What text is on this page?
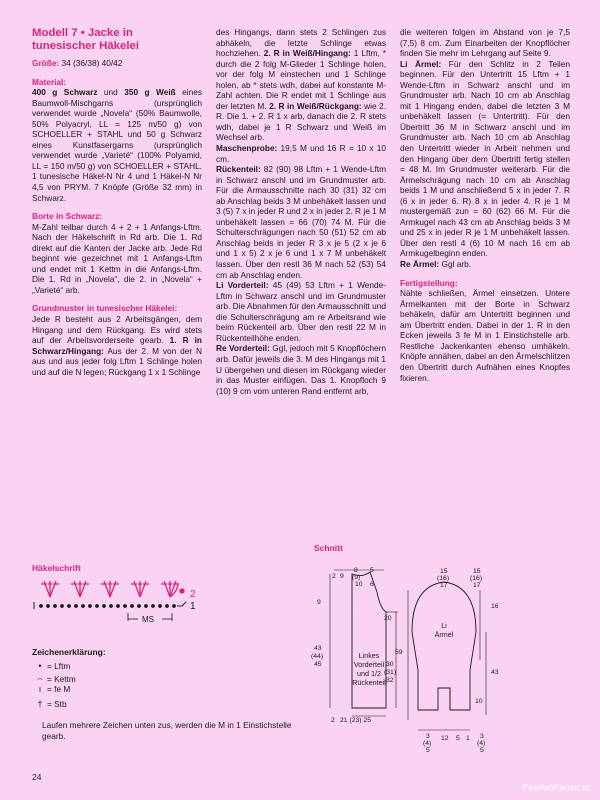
Modell 7 • Jacke in
tunesischer Häkelei

Größe: 34 (36/38) 40/42

Material:

400 g Schwarz und 350 g Weiß eines Baumwoll-Mischgarns (ursprünglich verwendet wurde „Novela“ (50% Baumwolle, 50% Polyacryl, LL = 125 m/50 g) von SCHOELLER + STAHL und 50 g Schwarz eines Kunstfasergarns (ursprünglich verwendet wurde „Varieté“ (100% Polyamid, LL = 150 m/50 g) von SCHOELLER + STAHL. 1 tunesische Häkel-N Nr 4 und 1 Häkel-N Nr 4,5 von PRYM. 7 Knöpfe (Größe 32 mm) in Schwarz.

Borte in Schwarz:

M-Zahl teilbar durch 4 + 2 + 1 Anfangs-Lftm. Nach der Häkelschrift in Rd arb. Die 1. Rd direkt auf die Kanten der Jacke arb. Jede Rd beginnt wie gezeichnet mit 1 Anfangs-Lftm und endet mit 1 Kettm in die Anfangs-Lftm. Die 1. Rd in „Novela“, die 2. in „Novela“ + „Varieté“ arb.

Grundmuster in tunesischer Häkelei:

Jede R besteht aus 2 Arbeitsgängen, dem Hingang und dem Rückgang. Es wird stets auf der Arbeitsvorderseite gearb. 1. R in Schwarz/Hingang: Aus der 2. M von der N aus und aus jeder folg Lftm 1 Schlinge holen und auf die N legen; Rückgang 1 x 1 Schlinge

des Hingangs, dann stets 2 Schlingen zus abhäkeln, die letzte Schlinge etwas hochziehen. 2. R in Weiß/Hingang: 1 Lftm, * durch die 2 folg M-Glieder 1 Schlinge holen, vor der folg M einstechen und 1 Schlinge holen, ab * stets wdh, dabei auf konstante M-Zahl achten. Die R endet mit 1 Schlinge aus der letzten M. 2. R in Weiß/Rückgang: wie 2. R. Die 1. + 2. R 1 x arb, danach die 2. R stets wdh, dabei je 1 R Schwarz und Weiß im Wechsel arb.

Maschenprobe: 19,5 M und 16 R = 10 x 10 cm.

Rückenteil: 82 (90) 98 Lftm + 1 Wende-Lftm in Schwarz anschl und im Grundmuster arb. Für die Armausschnitte nach 30 (31) 32 cm ab Anschlag beids 3 M unbehäkelt lassen und 3 (5) 7 x in jeder R und 2 x in jeder 2. R je 1 M unbehäkelt lassen = 66 (70) 74 M. Für die Schulterschrägungen nach 50 (51) 52 cm ab Anschlag beids in jeder R 3 x je 5 (2 x je 6 und 1 x 5) 2 x je 6 und 1 x 7 M unbehäkelt lassen. Über den restl 36 M nach 52 (53) 54 cm ab Anschlag enden.

Li Vorderteil: 45 (49) 53 Lftm + 1 Wende-Lftm in Schwarz anschl und im Grundmuster arb. Die Abnahmen für den Armausschnitt und die Schulterschrägung am re Arbeitsrand wie beim Rückenteil arb. Über den restl 22 M in Rückenteilhöhe enden.

Re Vorderteil: Ggl, jedoch mit 5 Knopflöchern arb. Dafür jeweils die 3. M des Hingangs mit 1 U übergehen und diesen im Rückgang wieder in das Muster einfügen. Das 1. Knopfloch 9 (10) 9 cm vom unteren Rand entfernt arb,

die weiteren folgen im Abstand von je 7,5 (7,5) 8 cm. Zum Einarbeiten der Knopflöcher finden Sie mehr im Lehrgang auf Seite 9.

Li Ärmel: Für den Schlitz in 2 Teilen beginnen. Für den Untertritt 15 Lftm + 1 Wende-Lftm in Schwarz anschl und im Grundmuster arb. Nach 10 cm ab Anschlag mit 1 Hingang enden, dabei die letzten 3 M unbehäkelt lassen (= Untertritt). Für den Übertritt 36 M in Schwarz anschl und im Grundmuster arb. Nach 10 cm ab Anschlag den Untertritt wieder in Arbeit nehmen und den Hingang über dem Übertritt fertig stellen = 48 M. Im Grundmuster weiterarb. Für die Ärmelschrägung nach 10 cm ab Anschlag beids 1 M und anschließend 5 x in jeder 7. R (6 x in jeder 6. R) 8 x in jeder 4. R je 1 M mustergemäß zun = 60 (62) 66 M. Für die Armkugel nach 43 cm ab Anschlag beids 3 M und 25 x in jeder R je 1 M unbehäkelt lassen. Über den restl 4 (6) 10 M nach 16 cm ab Armkugelbeginn enden.

Re Ärmel: Ggl arb.

Fertigstellung:

Nähte schließen, Ärmel einsetzen. Untere Ärmelkanten mit der Borte in Schwarz behäkeln, dafür am Untertritt beginnen und am Übertritt enden. Dabei in der 1. R in den Ecken jeweils 3 fe M in 1 Einstichstelle arb. Restliche Jackenkanten ebenso umhäkeln. Knöpfe annähen, dabei an den Ärmelschlitzen den Übertritt durch Aufnähen eines Knopfes fixieren.

Häkelschrift
MS
2
1
Zeichenerklärung:
• = Lftm
⌢ = Kettm
ı = fe M
† = Stb
Laufen mehrere Zeichen unten zus, werden die M in 1 Einstichstelle gearb.
Schnitt
2 9
8
(9)
10
5
6
9
43
(44)
45
20
30
(31)
32
2 21 (23) 25
15
(16)
17
15
(16)
17
16
59
43
10
3
(4)
5
12 5 1 3
(4)
5
Linkes
Vorderteil
und 1/2
Rückenteil
Li
Ärmel
24
PassionForum.ru
